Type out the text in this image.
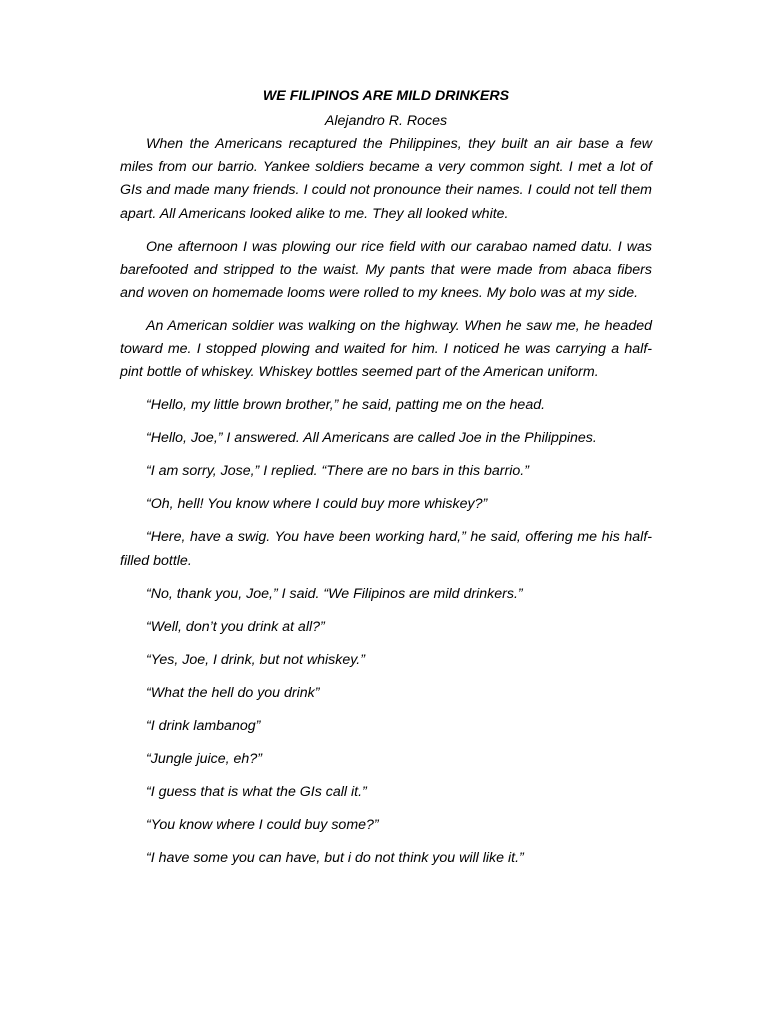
WE FILIPINOS ARE MILD DRINKERS

Alejandro R. Roces

When the Americans recaptured the Philippines, they built an air base a few miles from our barrio. Yankee soldiers became a very common sight. I met a lot of GIs and made many friends. I could not pronounce their names. I could not tell them apart. All Americans looked alike to me. They all looked white.

One afternoon I was plowing our rice field with our carabao named datu. I was barefooted and stripped to the waist. My pants that were made from abaca fibers and woven on homemade looms were rolled to my knees. My bolo was at my side.

An American soldier was walking on the highway. When he saw me, he headed toward me. I stopped plowing and waited for him. I noticed he was carrying a half-pint bottle of whiskey. Whiskey bottles seemed part of the American uniform.

“Hello, my little brown brother,” he said, patting me on the head.

“Hello, Joe,” I answered. All Americans are called Joe in the Philippines.

“I am sorry, Jose,” I replied. “There are no bars in this barrio.”

“Oh, hell! You know where I could buy more whiskey?”

“Here, have a swig. You have been working hard,” he said, offering me his half-filled bottle.

“No, thank you, Joe,” I said. “We Filipinos are mild drinkers.”

“Well, don’t you drink at all?”

“Yes, Joe, I drink, but not whiskey.”

“What the hell do you drink”

“I drink lambanog”

“Jungle juice, eh?”

“I guess that is what the GIs call it.”

“You know where I could buy some?”

“I have some you can have, but i do not think you will like it.”
